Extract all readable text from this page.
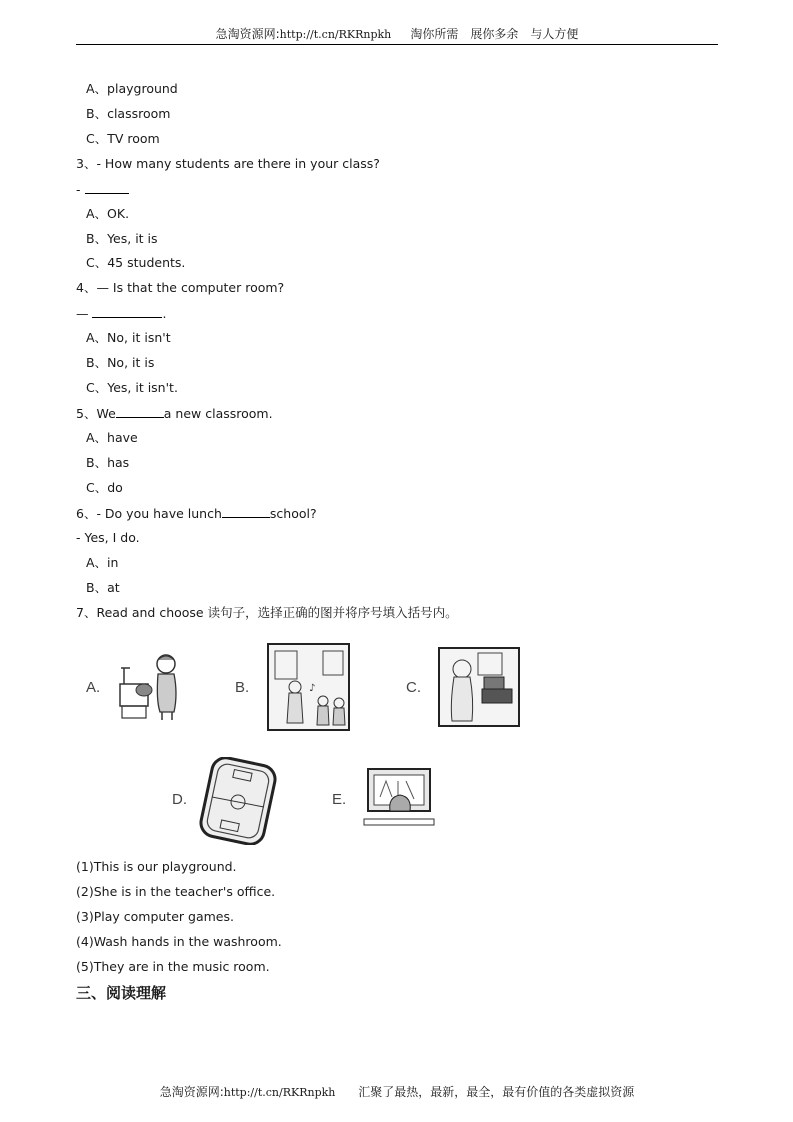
急淘资源网:http://t.cn/RKRnpkh 淘你所需　展你多余　与人方便
A、playground
B、classroom
C、TV room
3、- How many students are there in your class?
-
A、OK.
B、Yes, it is
C、45 students.
4、— Is that the computer room?
—	.
A、No, it isn't
B、No, it is
C、Yes, it isn't.
5、We	a new classroom.
A、have
B、has
C、do
6、- Do you have lunch	school?
- Yes, I do.
A、in
B、at
7、Read and choose 读句子，选择正确的图并将序号填入括号内。
A.	B.	♪	C.
D.	E.
(1)This is our playground.
(2)She is in the teacher's office.
(3)Play computer games.
(4)Wash hands in the washroom.
(5)They are in the music room.
三、阅读理解
急淘资源网:http://t.cn/RKRnpkh 汇聚了最热，最新，最全，最有价值的各类虚拟资源
